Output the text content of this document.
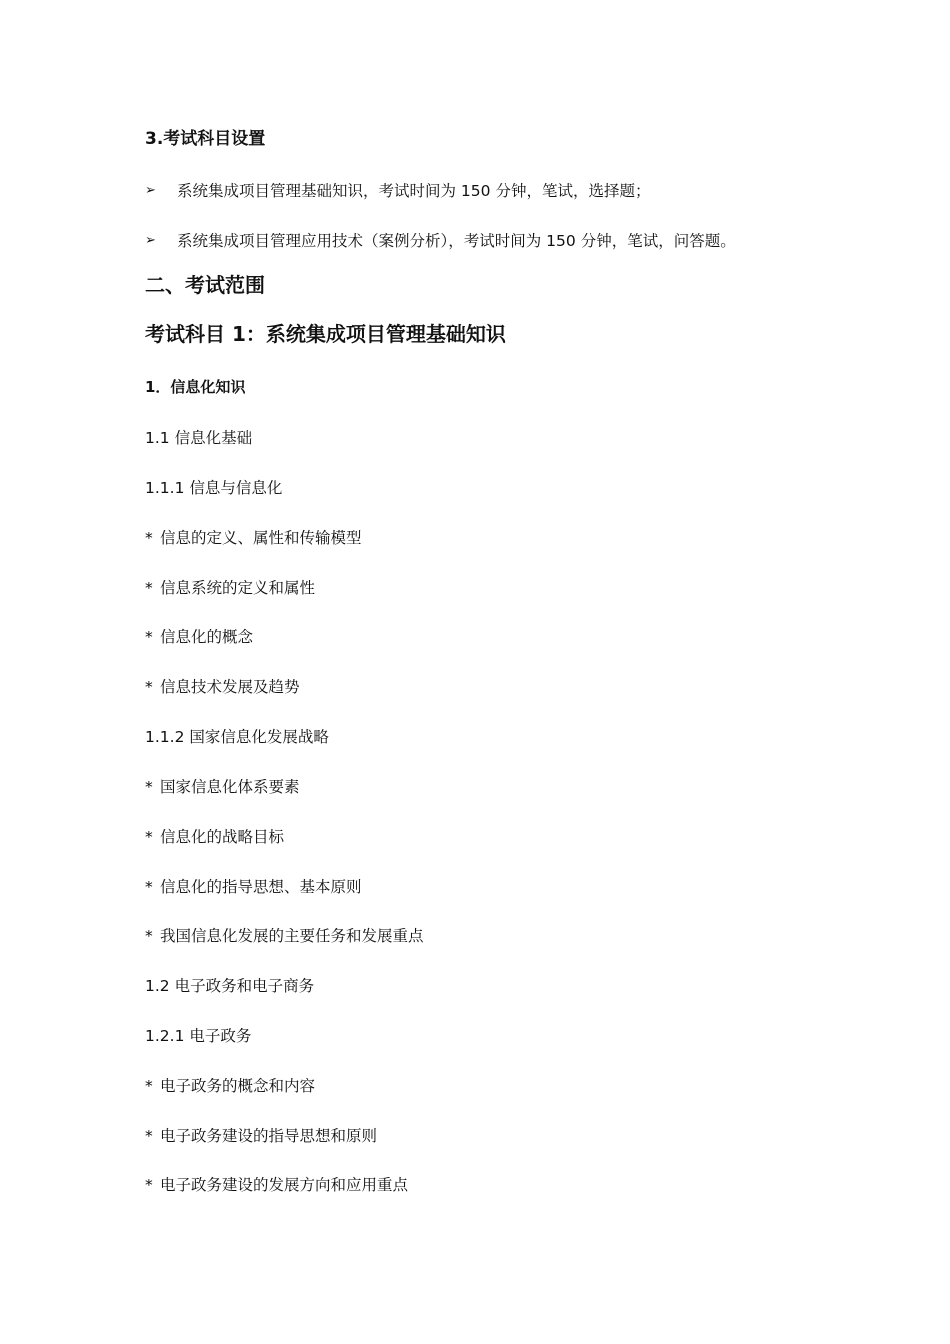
3.考试科目设置
➢	系统集成项目管理基础知识，考试时间为 150 分钟，笔试，选择题；
➢	系统集成项目管理应用技术（案例分析），考试时间为 150 分钟，笔试，问答题。
二、考试范围
考试科目 1：系统集成项目管理基础知识
1．信息化知识
1.1 信息化基础
1.1.1 信息与信息化
* 信息的定义、属性和传输模型
* 信息系统的定义和属性
* 信息化的概念
* 信息技术发展及趋势
1.1.2 国家信息化发展战略
* 国家信息化体系要素
* 信息化的战略目标
* 信息化的指导思想、基本原则
* 我国信息化发展的主要任务和发展重点
1.2 电子政务和电子商务
1.2.1 电子政务
* 电子政务的概念和内容
* 电子政务建设的指导思想和原则
* 电子政务建设的发展方向和应用重点
